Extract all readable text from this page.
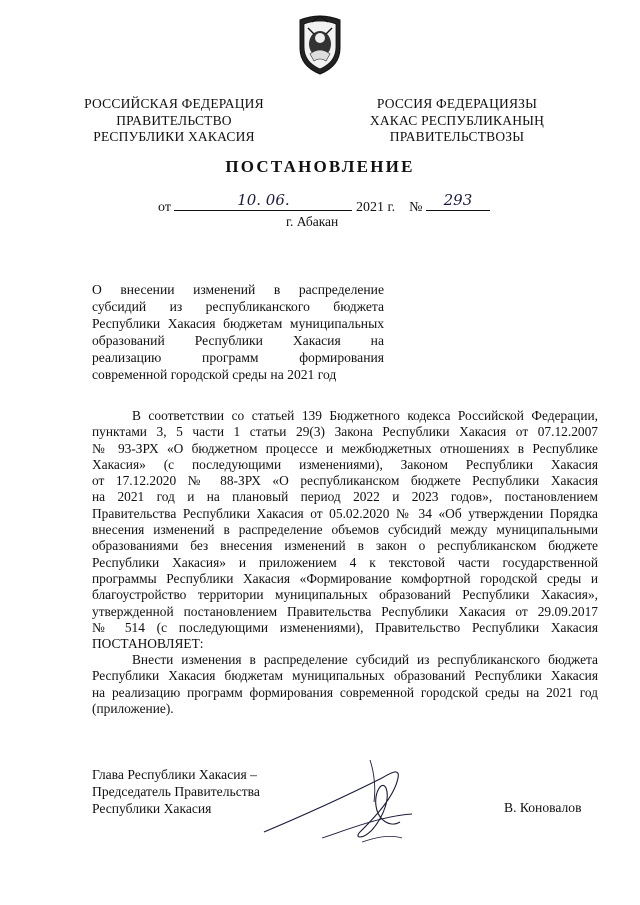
РОССИЙСКАЯ ФЕДЕРАЦИЯ
ПРАВИТЕЛЬСТВО
РЕСПУБЛИКИ ХАКАСИЯ
РОССИЯ ФЕДЕРАЦИЯЗЫ
ХАКАС РЕСПУБЛИКАНЫҢ
ПРАВИТЕЛЬСТВОЗЫ
ПОСТАНОВЛЕНИЕ
от	10. 06.	2021 г. №	293
г. Абакан
О внесении изменений в распределение
субсидий из республиканского бюджета
Республики Хакасия бюджетам муниципальных
образований Республики Хакасия на
реализацию программ формирования
современной городской среды на 2021 год
В соответствии со статьей 139 Бюджетного кодекса Российской Федерации,
пунктами 3, 5 части 1 статьи 29(3) Закона Республики Хакасия от 07.12.2007
№ 93-ЗРХ «О бюджетном процессе и межбюджетных отношениях в Республике
Хакасия» (с последующими изменениями), Законом Республики Хакасия
от 17.12.2020 № 88-ЗРХ «О республиканском бюджете Республики Хакасия
на 2021 год и на плановый период 2022 и 2023 годов», постановлением
Правительства Республики Хакасия от 05.02.2020 № 34 «Об утверждении Порядка
внесения изменений в распределение объемов субсидий между муниципальными
образованиями без внесения изменений в закон о республиканском бюджете
Республики Хакасия» и приложением 4 к текстовой части государственной
программы Республики Хакасия «Формирование комфортной городской среды и
благоустройство территории муниципальных образований Республики Хакасия»,
утвержденной постановлением Правительства Республики Хакасия от 29.09.2017
№ 514 (с последующими изменениями), Правительство Республики Хакасия
ПОСТАНОВЛЯЕТ:
Внести изменения в распределение субсидий из республиканского бюджета
Республики Хакасия бюджетам муниципальных образований Республики Хакасия
на реализацию программ формирования современной городской среды на 2021 год
(приложение).
Глава Республики Хакасия –
Председатель Правительства
Республики Хакасия	В. Коновалов
